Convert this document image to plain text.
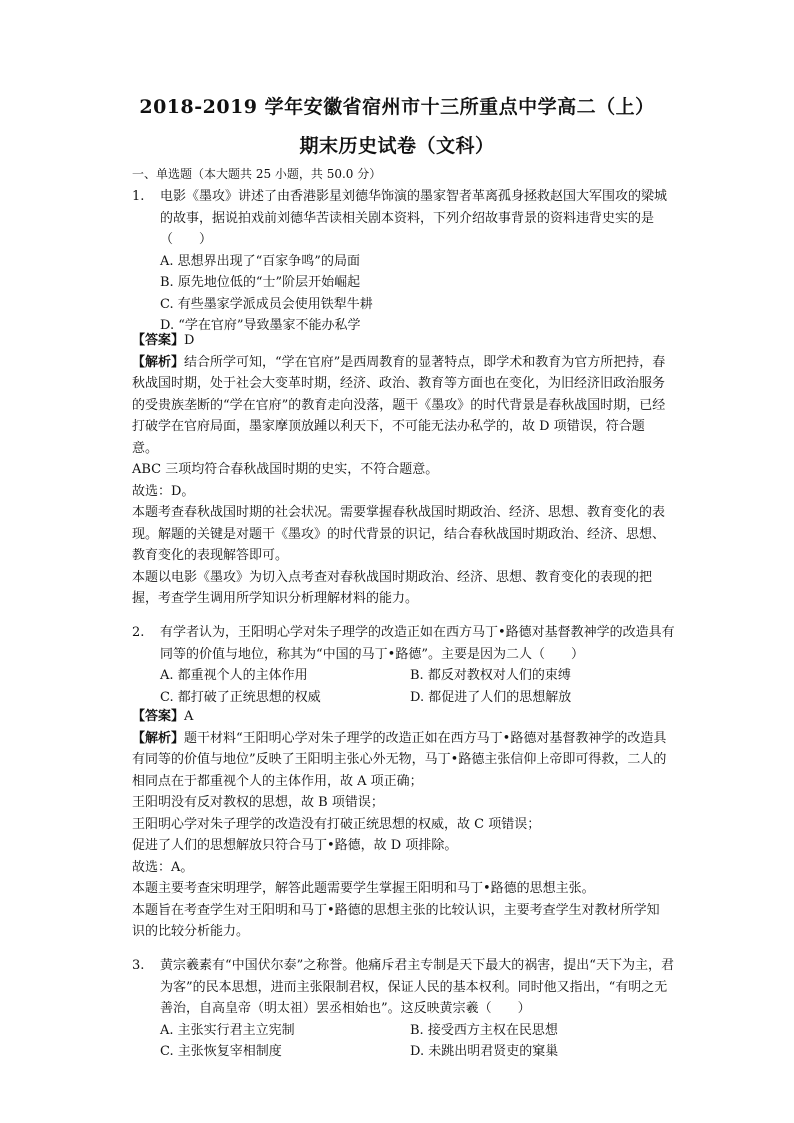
2018-2019 学年安徽省宿州市十三所重点中学高二（上）
期末历史试卷（文科）
一、单选题（本大题共 25 小题，共 50.0 分）
1. 电影《墨攻》讲述了由香港影星刘德华饰演的墨家智者革离孤身拯救赵国大军围攻的梁城的故事，据说拍戏前刘德华苦读相关剧本资料，下列介绍故事背景的资料违背史实的是（　　）
A. 思想界出现了“百家争鸣”的局面
B. 原先地位低的“士”阶层开始崛起
C. 有些墨家学派成员会使用铁犁牛耕
D. “学在官府”导致墨家不能办私学
【答案】D
【解析】结合所学可知，“学在官府”是西周教育的显著特点，即学术和教育为官方所把持，春秋战国时期，处于社会大变革时期，经济、政治、教育等方面也在变化，为旧经济旧政治服务的受贵族垄断的“学在官府”的教育走向没落，题干《墨攻》的时代背景是春秋战国时期，已经打破学在官府局面，墨家摩顶放踵以利天下，不可能无法办私学的，故 D 项错误，符合题意。
ABC 三项均符合春秋战国时期的史实，不符合题意。
故选：D。
本题考查春秋战国时期的社会状况。需要掌握春秋战国时期政治、经济、思想、教育变化的表现。解题的关键是对题干《墨攻》的时代背景的识记，结合春秋战国时期政治、经济、思想、教育变化的表现解答即可。
本题以电影《墨攻》为切入点考查对春秋战国时期政治、经济、思想、教育变化的表现的把握，考查学生调用所学知识分析理解材料的能力。
2. 有学者认为，王阳明心学对朱子理学的改造正如在西方马丁•路德对基督教神学的改造具有同等的价值与地位，称其为“中国的马丁•路德”。主要是因为二人（　　）
A. 都重视个人的主体作用	B. 都反对教权对人们的束缚
C. 都打破了正统思想的权威	D. 都促进了人们的思想解放
【答案】A
【解析】题干材料“王阳明心学对朱子理学的改造正如在西方马丁•路德对基督教神学的改造具有同等的价值与地位”反映了王阳明主张心外无物，马丁•路德主张信仰上帝即可得救，二人的相同点在于都重视个人的主体作用，故 A 项正确；
王阳明没有反对教权的思想，故 B 项错误；
王阳明心学对朱子理学的改造没有打破正统思想的权威，故 C 项错误；
促进了人们的思想解放只符合马丁•路德，故 D 项排除。
故选：A。
本题主要考查宋明理学，解答此题需要学生掌握王阳明和马丁•路德的思想主张。
本题旨在考查学生对王阳明和马丁•路德的思想主张的比较认识，主要考查学生对教材所学知识的比较分析能力。
3. 黄宗羲素有“中国伏尔泰”之称誉。他痛斥君主专制是天下最大的祸害，提出“天下为主，君为客”的民本思想，进而主张限制君权，保证人民的基本权利。同时他又指出，“有明之无善治，自高皇帝（明太祖）罢丞相始也”。这反映黄宗羲（　　）
A. 主张实行君主立宪制	B. 接受西方主权在民思想
C. 主张恢复宰相制度	D. 未跳出明君贤吏的窠巢
